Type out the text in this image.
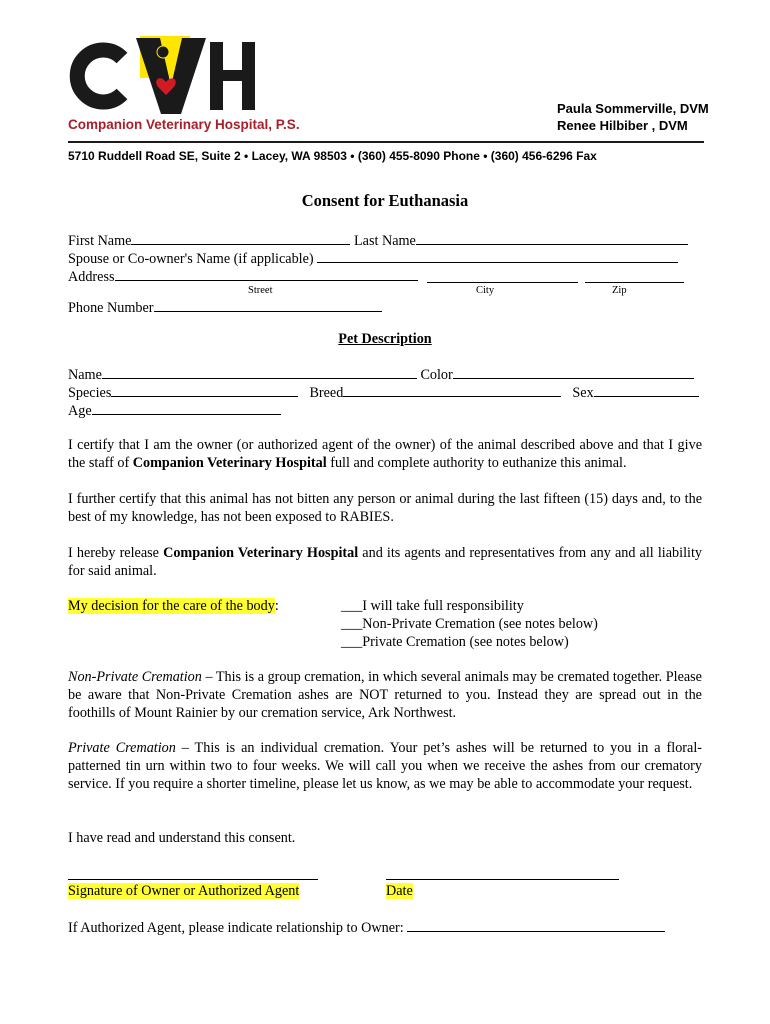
Companion Veterinary Hospital, P.S.
Paula Sommerville, DVM
Renee Hilbiber , DVM
5710 Ruddell Road SE, Suite 2 • Lacey, WA 98503 • (360) 455-8090 Phone • (360) 456-6296 Fax
Consent for Euthanasia
First Name	Last Name
Spouse or Co-owner's Name (if applicable)
Address
Street	City	Zip
Phone Number
Pet Description
Name	Color
Species	Breed	Sex
Age
I certify that I am the owner (or authorized agent of the owner) of the animal described above and that I give the staff of Companion Veterinary Hospital full and complete authority to euthanize this animal.
I further certify that this animal has not bitten any person or animal during the last fifteen (15) days and, to the best of my knowledge, has not been exposed to RABIES.
I hereby release Companion Veterinary Hospital and its agents and representatives from any and all liability for said animal.
My decision for the care of the body:	___I will take full responsibility
___Non-Private Cremation (see notes below)
___Private Cremation (see notes below)
Non-Private Cremation – This is a group cremation, in which several animals may be cremated together. Please be aware that Non-Private Cremation ashes are NOT returned to you. Instead they are spread out in the foothills of Mount Rainier by our cremation service, Ark Northwest.
Private Cremation – This is an individual cremation. Your pet’s ashes will be returned to you in a floral-patterned tin urn within two to four weeks. We will call you when we receive the ashes from our crematory service. If you require a shorter timeline, please let us know, as we may be able to accommodate your request.
I have read and understand this consent.
Signature of Owner or Authorized Agent	Date
If Authorized Agent, please indicate relationship to Owner:
